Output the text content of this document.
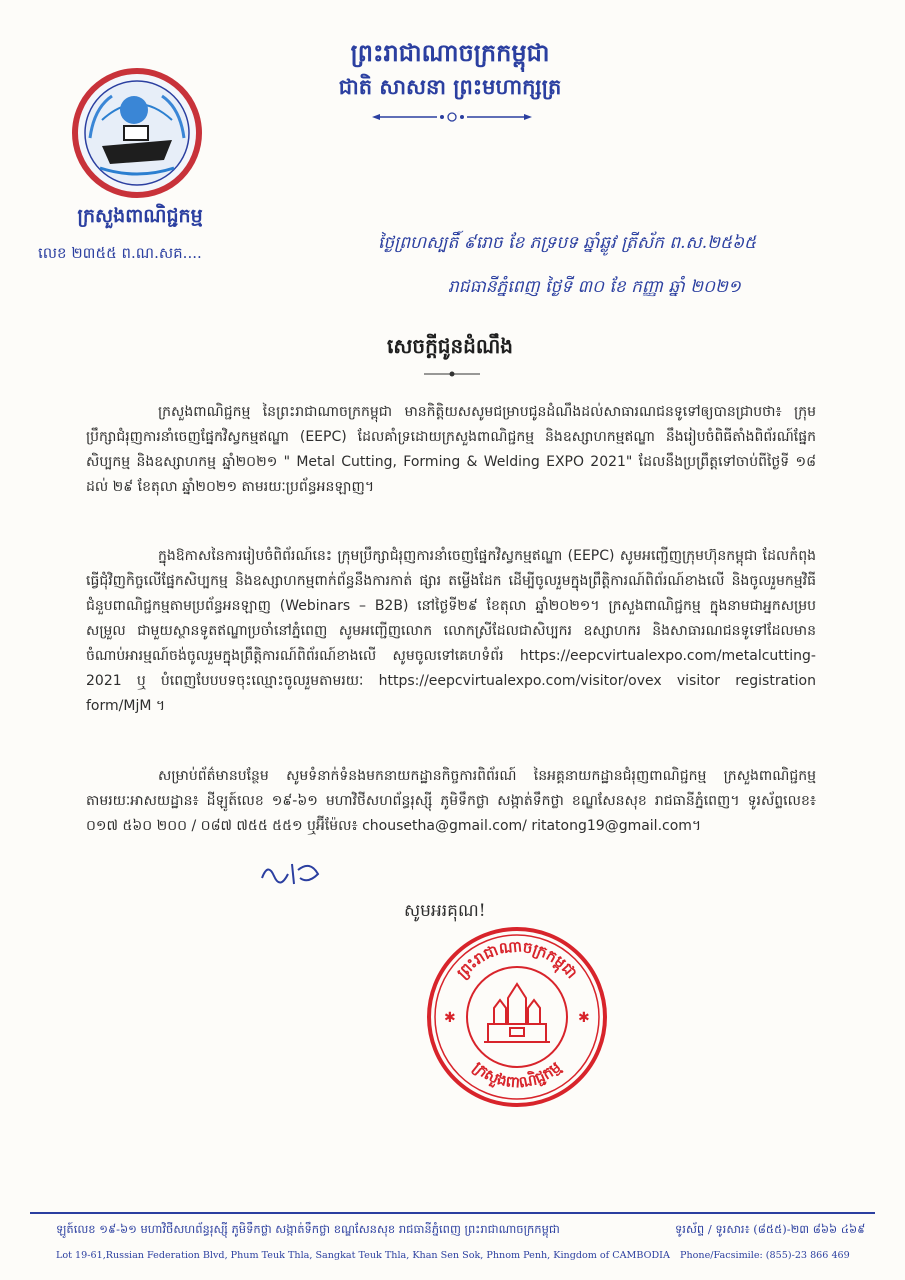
ព្រះរាជាណាចក្រកម្ពុជា
ជាតិ សាសនា ព្រះមហាក្សត្រ
ក្រសួងពាណិជ្ជកម្ម
លេខ ២៣៥៥ ព.ណ.សគ....	ថ្ងៃព្រហស្បតិ៍ ៩រោច ខែ ភទ្របទ ឆ្នាំឆ្លូវ ត្រីស័ក ព.ស.២៥៦៥
រាជធានីភ្នំពេញ ថ្ងៃទី ៣០ ខែ កញ្ញា ឆ្នាំ ២០២១
សេចក្តីជូនដំណឹង
ក្រសួងពាណិជ្ជកម្ម នៃព្រះរាជាណាចក្រកម្ពុជា មានកិត្តិយសសូមជម្រាបជូនដំណឹងដល់សាធារណជនទូទៅឲ្យបានជ្រាបថា៖ ក្រុមប្រឹក្សាជំរុញការនាំចេញផ្នែកវិស្វកម្មឥណ្ឌា (EEPC) ដែលគាំទ្រដោយក្រសួងពាណិជ្ជកម្ម និងឧស្សាហកម្មឥណ្ឌា នឹងរៀបចំពិធីតាំងពិព័រណ៍ផ្នែកសិប្បកម្ម និងឧស្សាហកម្ម ឆ្នាំ២០២១ " Metal Cutting, Forming & Welding EXPO 2021" ដែលនឹងប្រព្រឹត្តទៅចាប់ពីថ្ងៃទី ១៨ ដល់ ២៩ ខែតុលា ឆ្នាំ២០២១ តាមរយៈប្រព័ន្ធអនឡាញ។
ក្នុងឱកាសនៃការរៀបចំពិព័រណ៍នេះ ក្រុមប្រឹក្សាជំរុញការនាំចេញផ្នែកវិស្វកម្មឥណ្ឌា (EEPC) សូមអញ្ជើញក្រុមហ៊ុនកម្ពុជា ដែលកំពុងធ្វើជុំវិញកិច្ចលើផ្នែកសិប្បកម្ម និងឧស្សាហកម្មពាក់ព័ន្ធនឹងការកាត់ ផ្សារ តម្លើងដែក ដើម្បីចូលរួមក្នុងព្រឹត្តិការណ៍ពិព័រណ៍ខាងលើ និងចូលរួមកម្មវិធីជំនួបពាណិជ្ជកម្មតាមប្រព័ន្ធអនឡាញ (Webinars – B2B) នៅថ្ងៃទី២៩ ខែតុលា ឆ្នាំ២០២១។ ក្រសួងពាណិជ្ជកម្ម ក្នុងនាមជាអ្នកសម្របសម្រួល ជាមួយស្ថានទូតឥណ្ឌាប្រចាំនៅភ្នំពេញ សូមអញ្ជើញលោក លោកស្រីដែលជាសិប្បករ ឧស្សាហករ និងសាធារណជនទូទៅដែលមានចំណាប់អារម្មណ៍ចង់ចូលរួមក្នុងព្រឹត្តិការណ៍ពិព័រណ៍ខាងលើ សូមចូលទៅគេហទំព័រ https://eepcvirtualexpo.com/metalcutting-2021 ឬ បំពេញបែបបទចុះឈ្មោះចូលរួមតាមរយៈ https://eepcvirtualexpo.com/visitor/ovex visitor registration form/MjM ។
សម្រាប់ព័ត៌មានបន្ថែម សូមទំនាក់ទំនងមកនាយកដ្ឋានកិច្ចការពិព័រណ៍ នៃអគ្គនាយកដ្ឋានជំរុញពាណិជ្ជកម្ម ក្រសួងពាណិជ្ជកម្ម តាមរយៈអាសយដ្ឋាន៖ ដីឡូត៍លេខ ១៩-៦១ មហាវិថីសហព័ន្ធរុស្ស៊ី ភូមិទឹកថ្លា សង្កាត់ទឹកថ្លា ខណ្ឌសែនសុខ រាជធានីភ្នំពេញ។ ទូរស័ព្ទលេខ៖ ០១៧ ៥៦០ ២០០ / ០៨៧ ៧៥៥ ៥៥១ ឬអ៊ីម៉ែល៖ chousetha@gmail.com/ ritatong19@gmail.com។
សូមអរគុណ!
ព្រះរាជាណាចក្រកម្ពុជា
ក្រសួងពាណិជ្ជកម្ម
✱	✱
ឡូត៍លេខ ១៩-៦១ មហាវិថីសហព័ន្ធរុស្ស៊ី ភូមិទឹកថ្លា សង្កាត់ទឹកថ្លា ខណ្ឌសែនសុខ រាជធានីភ្នំពេញ ព្រះរាជាណាចក្រកម្ពុជា	ទូរស័ព្ទ / ទូរសារ៖ (៨៥៥)-២៣ ៨៦៦ ៤៦៩
Lot 19-61,Russian Federation Blvd, Phum Teuk Thla, Sangkat Teuk Thla, Khan Sen Sok, Phnom Penh, Kingdom of CAMBODIA	Phone/Facsimile: (855)-23 866 469
